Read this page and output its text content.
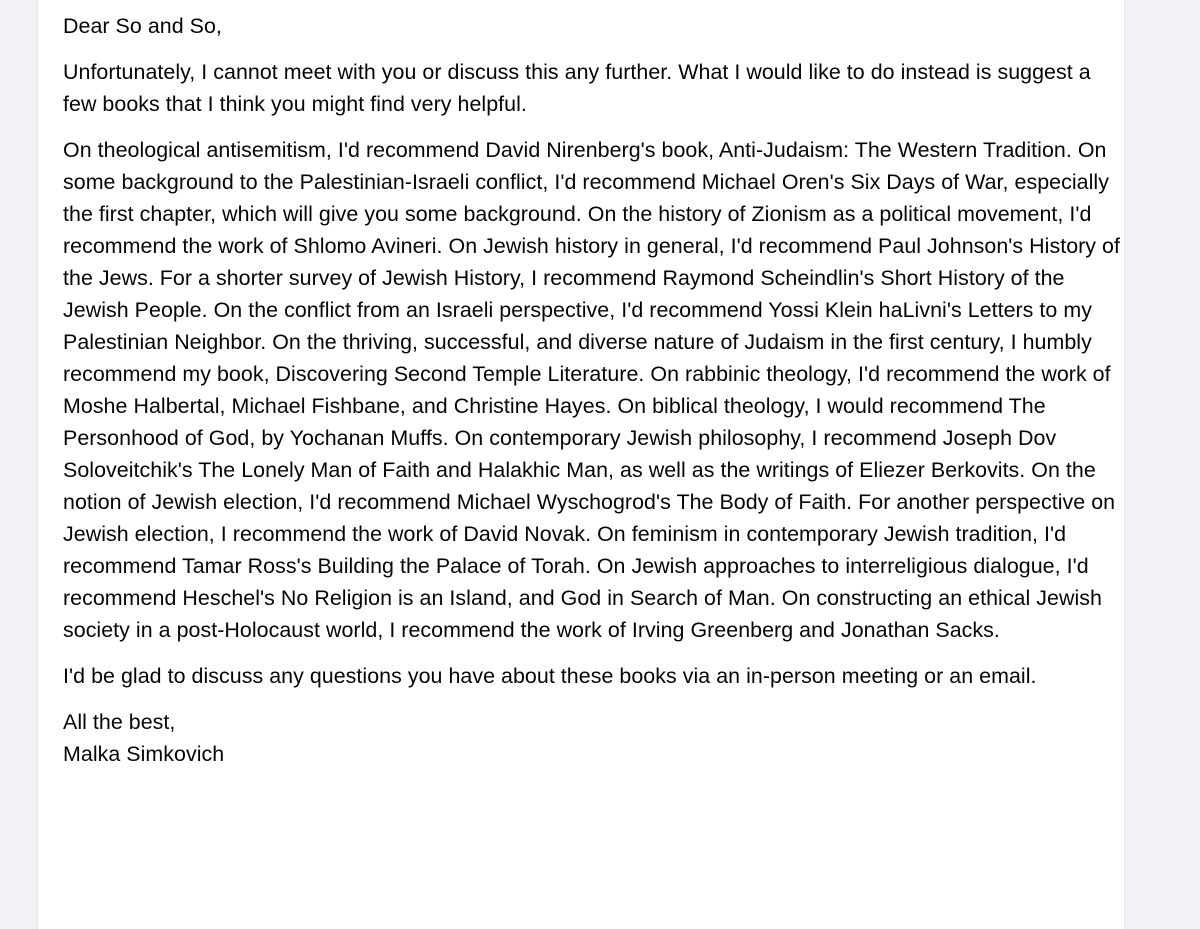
Dear So and So,

Unfortunately, I cannot meet with you or discuss this any further. What I would like to do instead is suggest a few books that I think you might find very helpful.

On theological antisemitism, I'd recommend David Nirenberg's book, Anti-Judaism: The Western Tradition. On some background to the Palestinian-Israeli conflict, I'd recommend Michael Oren's Six Days of War, especially the first chapter, which will give you some background. On the history of Zionism as a political movement, I'd recommend the work of Shlomo Avineri. On Jewish history in general, I'd recommend Paul Johnson's History of the Jews. For a shorter survey of Jewish History, I recommend Raymond Scheindlin's Short History of the Jewish People. On the conflict from an Israeli perspective, I'd recommend Yossi Klein haLivni's Letters to my Palestinian Neighbor. On the thriving, successful, and diverse nature of Judaism in the first century, I humbly recommend my book, Discovering Second Temple Literature. On rabbinic theology, I'd recommend the work of Moshe Halbertal, Michael Fishbane, and Christine Hayes. On biblical theology, I would recommend The Personhood of God, by Yochanan Muffs. On contemporary Jewish philosophy, I recommend Joseph Dov Soloveitchik's The Lonely Man of Faith and Halakhic Man, as well as the writings of Eliezer Berkovits. On the notion of Jewish election, I'd recommend Michael Wyschogrod's The Body of Faith. For another perspective on Jewish election, I recommend the work of David Novak. On feminism in contemporary Jewish tradition, I'd recommend Tamar Ross's Building the Palace of Torah. On Jewish approaches to interreligious dialogue, I'd recommend Heschel's No Religion is an Island, and God in Search of Man. On constructing an ethical Jewish society in a post-Holocaust world, I recommend the work of Irving Greenberg and Jonathan Sacks.

I'd be glad to discuss any questions you have about these books via an in-person meeting or an email.

All the best,

Malka Simkovich
